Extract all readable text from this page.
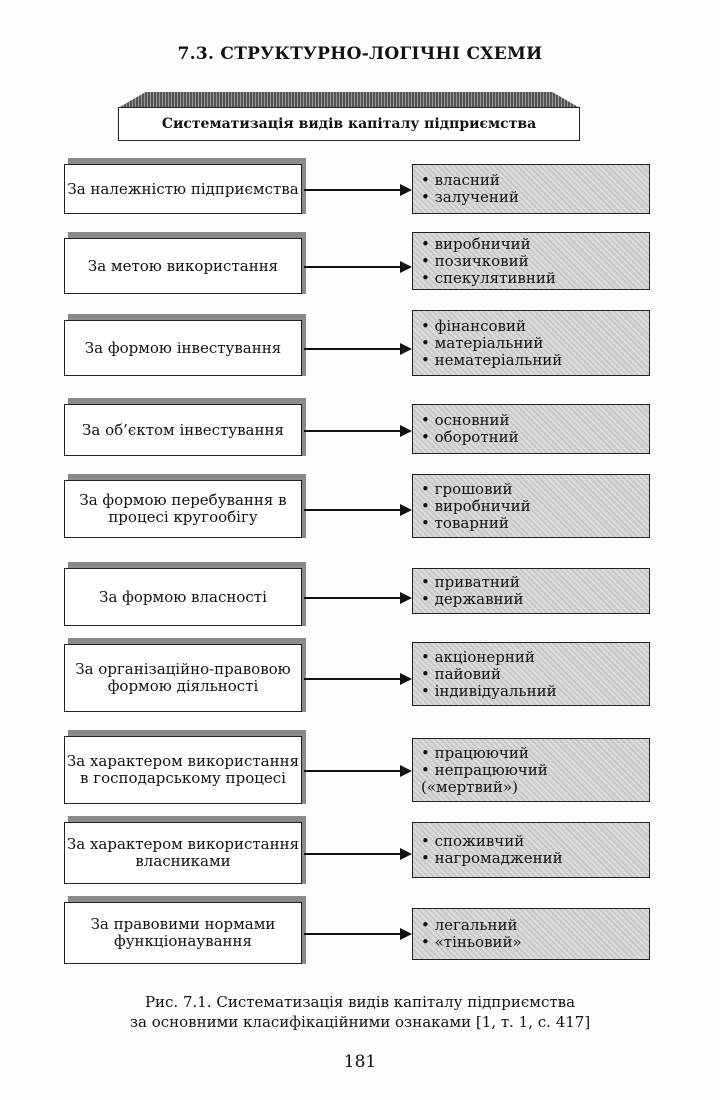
7.3. СТРУКТУРНО-ЛОГІЧНІ СХЕМИ
Систематизація видів капіталу підприємства
За належністю підприємства	• власний
• залучений
За метою використання
• виробничий
• позичковий
• спекулятивний
За формою інвестування
• фінансовий
• матеріальний
• нематеріальний
За об’єктом інвестування
• основний
• оборотний
За формою перебування в процесі кругообігу
• грошовий
• виробничий
• товарний
За формою власності
• приватний
• державний
За організаційно-правовою формою діяльності
• акціонерний
• пайовий
• індивідуальний
За характером використання в господарському процесі
• працюючий
• непрацюючий
(«мертвий»)
За характером використання власниками
• споживчий
• нагромаджений
За правовими нормами функціонаування
• легальний
• «тіньовий»
Рис. 7.1. Систематизація видів капіталу підприємства
за основними класифікаційними ознаками [1, т. 1, с. 417]
181
